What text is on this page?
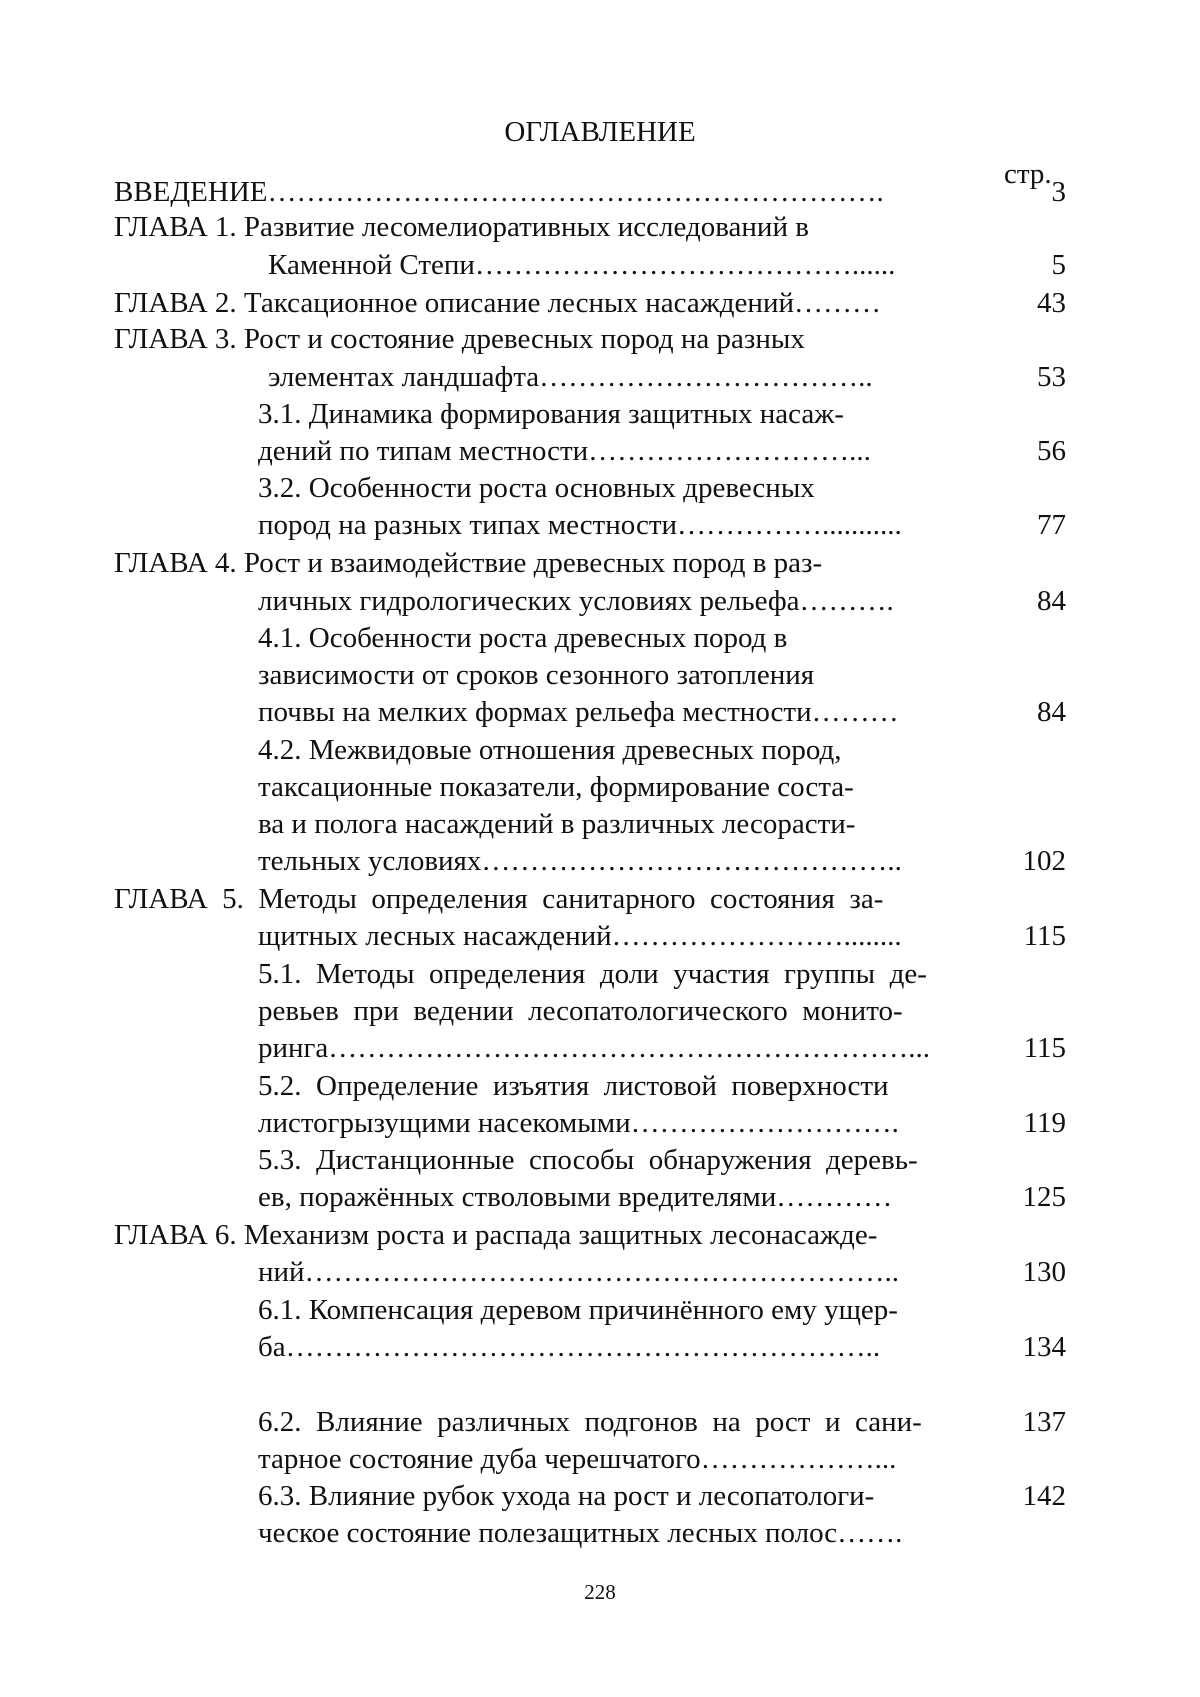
ОГЛАВЛЕНИЕ
стр.
ВВЕДЕНИЕ……………………………………………………….
ГЛАВА 1. Развитие лесомелиоративных исследований в
Каменной Степи…………………………………......
ГЛАВА 2. Таксационное описание лесных насаждений………
ГЛАВА 3. Рост и состояние древесных пород на разных
элементах ландшафта……………………………..
3.1. Динамика формирования защитных насаж-
дений по типам местности………………………...
3.2. Особенности роста основных древесных
пород на разных типах местности……………...........
ГЛАВА 4. Рост и взаимодействие древесных пород в раз-
личных гидрологических условиях рельефа……….
4.1. Особенности роста древесных пород в
зависимости от сроков сезонного затопления
почвы на мелких формах рельефа местности………
4.2. Межвидовые отношения древесных пород,
таксационные показатели, формирование соста-
ва и полога насаждений в различных лесорасти-
тельных условиях……………………………………..
ГЛАВА  5.  Методы  определения  санитарного  состояния  за-
щитных лесных насаждений……………………........
5.1.  Методы  определения  доли  участия  группы  де-
ревьев  при  ведении  лесопатологического  монито-
ринга……………………………………………………...
5.2.  Определение  изъятия  листовой  поверхности
листогрызущими насекомыми……………………….
5.3.  Дистанционные  способы  обнаружения  деревь-
ев, поражённых стволовыми вредителями…………
ГЛАВА 6. Механизм роста и распада защитных лесонасажде-
ний……………………………………………………..
6.1. Компенсация деревом причинённого ему ущер-
ба……………………………………………………..
6.2.  Влияние  различных  подгонов  на  рост  и  сани-
тарное состояние дуба черешчатого………………...
6.3. Влияние рубок ухода на рост и лесопатологи-
ческое состояние полезащитных лесных полос…….
3
5
43
53
56
77
84
84
102
115
115
119
125
130
134
137
142
228
